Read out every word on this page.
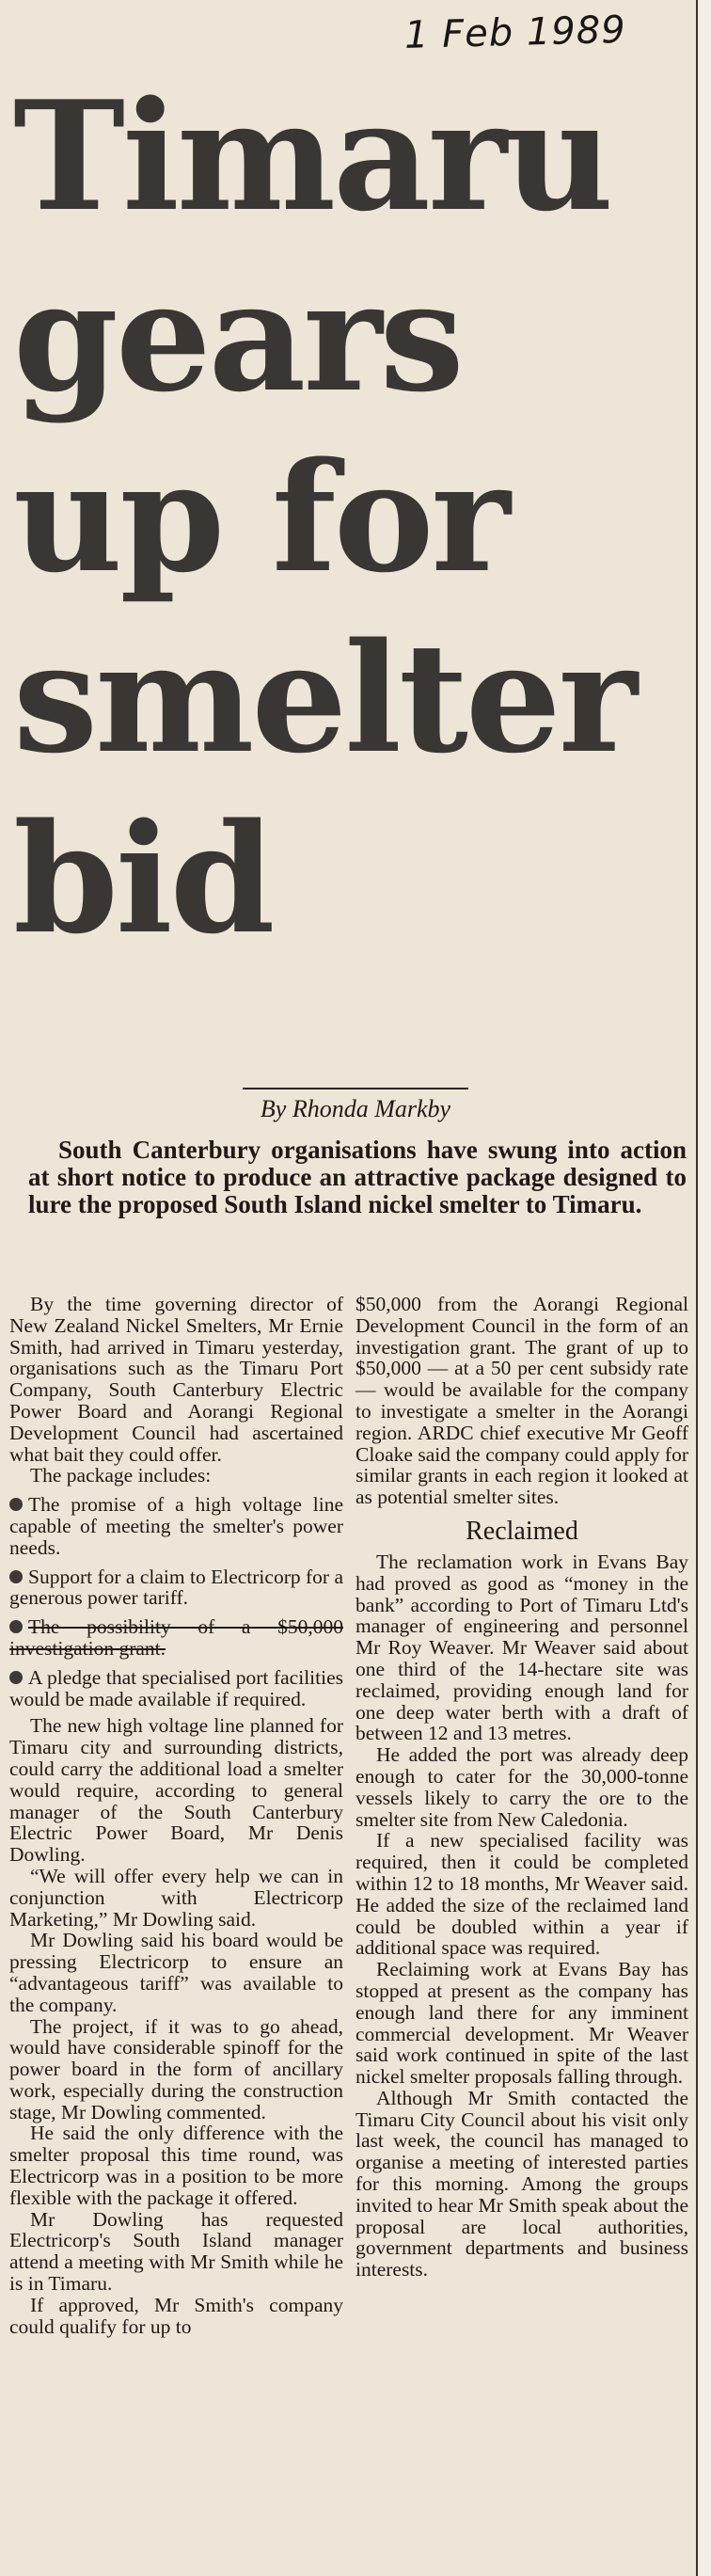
1 Feb 1989
Timaru
gears
up for
smelter
bid
By Rhonda Markby
South Canterbury organisations have swung into action at short notice to produce an attractive package designed to lure the proposed South Island nickel smelter to Timaru.

By the time governing director of New Zealand Nickel Smelters, Mr Ernie Smith, had arrived in Timaru yesterday, organisations such as the Timaru Port Company, South Canterbury Electric Power Board and Aorangi Regional Development Council had ascertained what bait they could offer.

The package includes:

The promise of a high voltage line capable of meeting the smelter's power needs.

Support for a claim to Electricorp for a generous power tariff.

The possibility of a $50,000 investigation grant.

A pledge that specialised port facilities would be made available if required.

The new high voltage line planned for Timaru city and surrounding districts, could carry the additional load a smelter would require, according to general manager of the South Canterbury Electric Power Board, Mr Denis Dowling.

“We will offer every help we can in conjunction with Electricorp Marketing,” Mr Dowling said.

Mr Dowling said his board would be pressing Electricorp to ensure an “advantageous tariff” was available to the company.

The project, if it was to go ahead, would have considerable spinoff for the power board in the form of ancillary work, especially during the construction stage, Mr Dowling commented.

He said the only difference with the smelter proposal this time round, was Electricorp was in a position to be more flexible with the package it offered.

Mr Dowling has requested Electricorp's South Island manager attend a meeting with Mr Smith while he is in Timaru.

If approved, Mr Smith's company could qualify for up to

$50,000 from the Aorangi Regional Development Council in the form of an investigation grant. The grant of up to $50,000 — at a 50 per cent subsidy rate — would be available for the company to investigate a smelter in the Aorangi region. ARDC chief executive Mr Geoff Cloake said the company could apply for similar grants in each region it looked at as potential smelter sites.

Reclaimed

The reclamation work in Evans Bay had proved as good as “money in the bank” according to Port of Timaru Ltd's manager of engineering and personnel Mr Roy Weaver. Mr Weaver said about one third of the 14-hectare site was reclaimed, providing enough land for one deep water berth with a draft of between 12 and 13 metres.

He added the port was already deep enough to cater for the 30,000-tonne vessels likely to carry the ore to the smelter site from New Caledonia.

If a new specialised facility was required, then it could be completed within 12 to 18 months, Mr Weaver said. He added the size of the reclaimed land could be doubled within a year if additional space was required.

Reclaiming work at Evans Bay has stopped at present as the company has enough land there for any imminent commercial development. Mr Weaver said work continued in spite of the last nickel smelter proposals falling through.

Although Mr Smith contacted the Timaru City Council about his visit only last week, the council has managed to organise a meeting of interested parties for this morning. Among the groups invited to hear Mr Smith speak about the proposal are local authorities, government departments and business interests.
